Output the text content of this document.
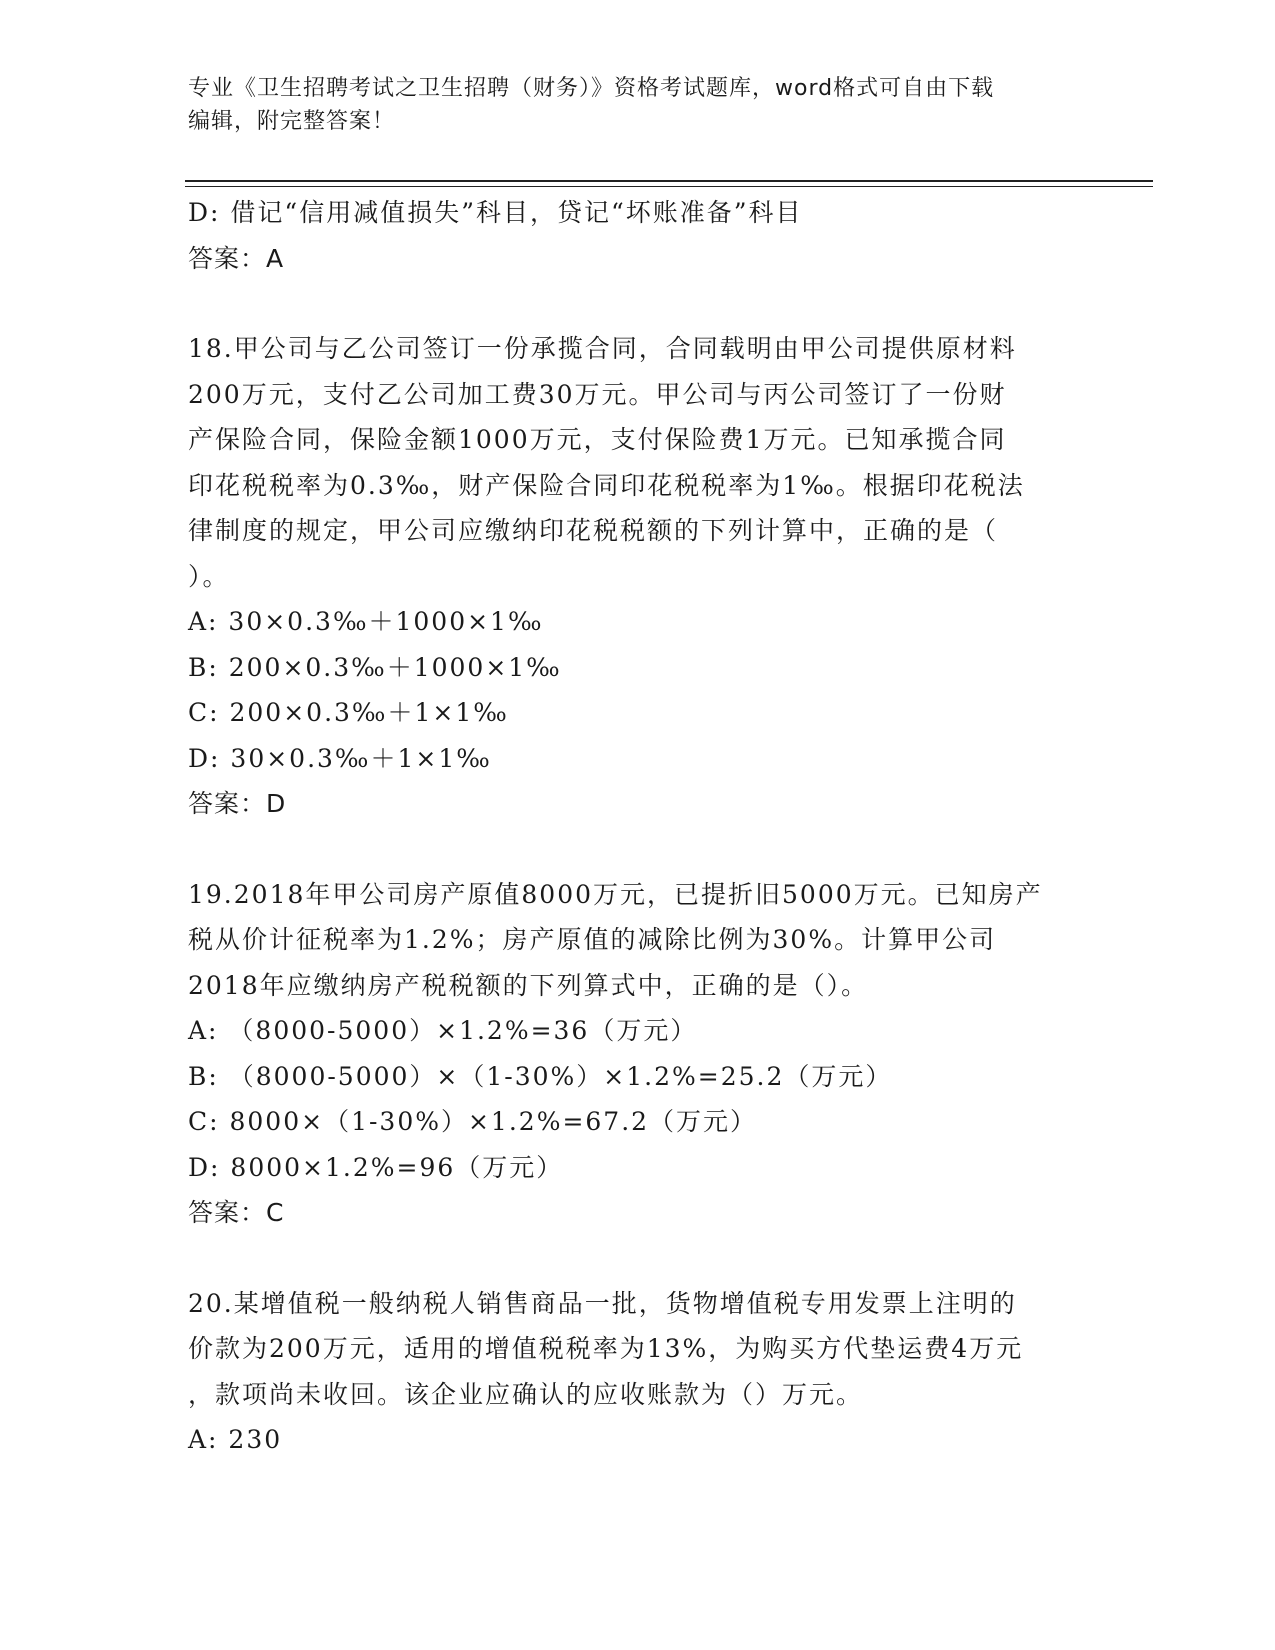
专业《卫生招聘考试之卫生招聘（财务）》资格考试题库，word格式可自由下载
编辑，附完整答案！
D: 借记“信用减值损失”科目，贷记“坏账准备”科目
答案：A
18.甲公司与乙公司签订一份承揽合同，合同载明由甲公司提供原材料
200万元，支付乙公司加工费30万元。甲公司与丙公司签订了一份财
产保险合同，保险金额1000万元，支付保险费1万元。已知承揽合同
印花税税率为0.3‰，财产保险合同印花税税率为1‰。根据印花税法
律制度的规定，甲公司应缴纳印花税税额的下列计算中，正确的是（
）。
A: 30×0.3‰＋1000×1‰
B: 200×0.3‰＋1000×1‰
C: 200×0.3‰＋1×1‰
D: 30×0.3‰＋1×1‰
答案：D
19.2018年甲公司房产原值8000万元，已提折旧5000万元。已知房产
税从价计征税率为1.2%；房产原值的减除比例为30%。计算甲公司
2018年应缴纳房产税税额的下列算式中，正确的是（）。
A: （8000-5000）×1.2%=36（万元）
B: （8000-5000）×（1-30%）×1.2%=25.2（万元）
C: 8000×（1-30%）×1.2%=67.2（万元）
D: 8000×1.2%=96（万元）
答案：C
20.某增值税一般纳税人销售商品一批，货物增值税专用发票上注明的
价款为200万元，适用的增值税税率为13%，为购买方代垫运费4万元
，款项尚未收回。该企业应确认的应收账款为（）万元。
A: 230
